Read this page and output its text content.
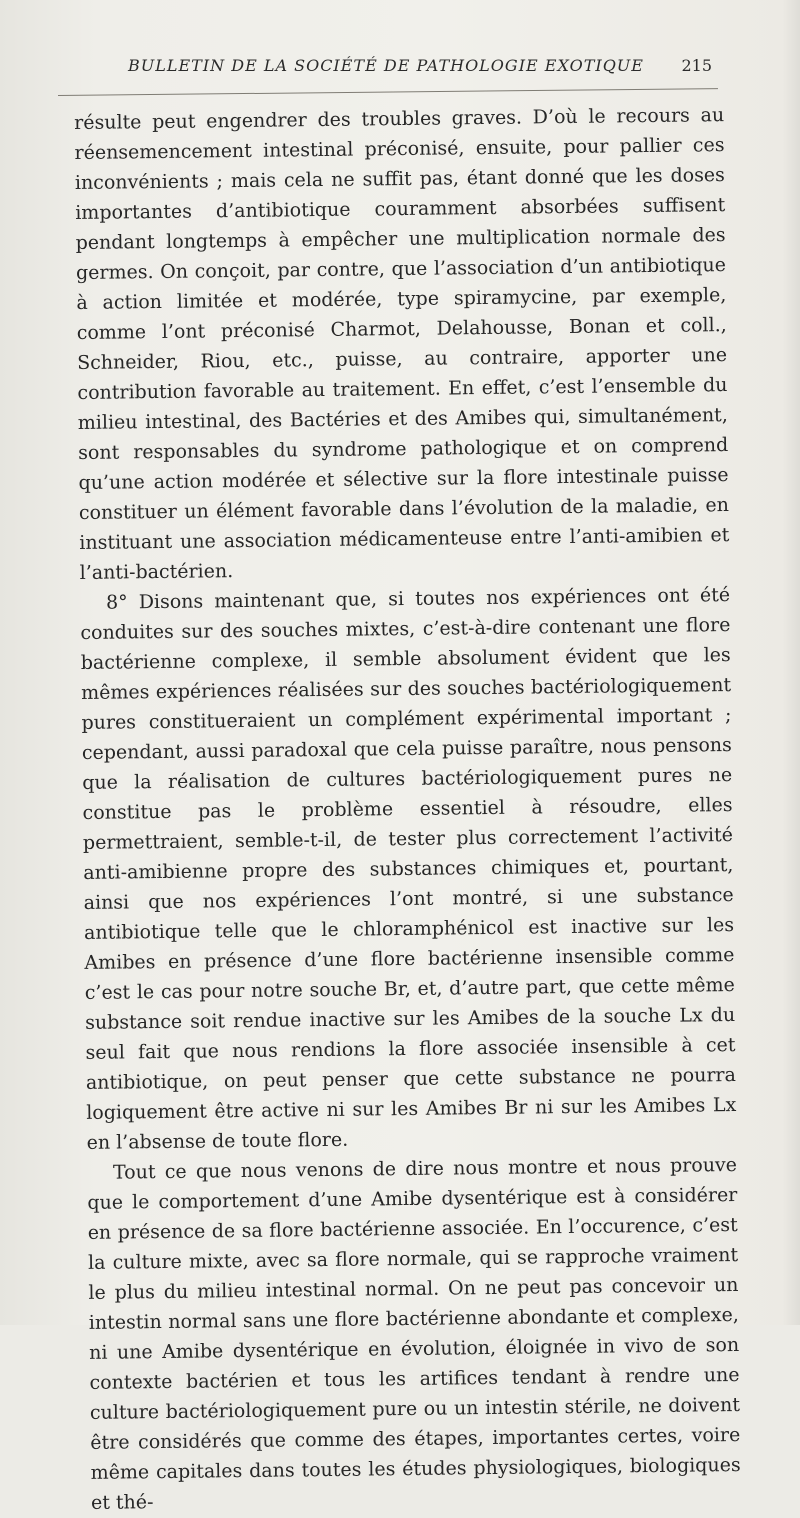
BULLETIN DE LA SOCIÉTÉ DE PATHOLOGIE EXOTIQUE 215

résulte peut engendrer des troubles graves. D’où le recours au réensemencement intestinal préconisé, ensuite, pour pallier ces inconvénients ; mais cela ne suffit pas, étant donné que les doses importantes d’antibiotique couramment absorbées suffisent pendant longtemps à empêcher une multiplication normale des germes. On conçoit, par contre, que l’association d’un antibiotique à action limitée et modérée, type spiramycine, par exemple, comme l’ont préconisé Charmot, Delahousse, Bonan et coll., Schneider, Riou, etc., puisse, au contraire, apporter une contribution favorable au traitement. En effet, c’est l’ensemble du milieu intestinal, des Bactéries et des Amibes qui, simultanément, sont responsables du syndrome pathologique et on comprend qu’une action modérée et sélective sur la flore intestinale puisse constituer un élément favorable dans l’évolution de la maladie, en instituant une association médicamenteuse entre l’anti-amibien et l’anti-bactérien.

8° Disons maintenant que, si toutes nos expériences ont été conduites sur des souches mixtes, c’est-à-dire contenant une flore bactérienne complexe, il semble absolument évident que les mêmes expériences réalisées sur des souches bactériologiquement pures constitueraient un complément expérimental important ; cependant, aussi paradoxal que cela puisse paraître, nous pensons que la réalisation de cultures bactériologiquement pures ne constitue pas le problème essentiel à résoudre, elles permettraient, semble-t-il, de tester plus correctement l’activité anti-amibienne propre des substances chimiques et, pourtant, ainsi que nos expériences l’ont montré, si une substance antibiotique telle que le chloramphénicol est inactive sur les Amibes en présence d’une flore bactérienne insensible comme c’est le cas pour notre souche Br, et, d’autre part, que cette même substance soit rendue inactive sur les Amibes de la souche Lx du seul fait que nous rendions la flore associée insensible à cet antibiotique, on peut penser que cette substance ne pourra logiquement être active ni sur les Amibes Br ni sur les Amibes Lx en l’absense de toute flore.

Tout ce que nous venons de dire nous montre et nous prouve que le comportement d’une Amibe dysentérique est à considérer en présence de sa flore bactérienne associée. En l’occurence, c’est la culture mixte, avec sa flore normale, qui se rapproche vraiment le plus du milieu intestinal normal. On ne peut pas concevoir un intestin normal sans une flore bactérienne abondante et complexe, ni une Amibe dysentérique en évolution, éloignée in vivo de son contexte bactérien et tous les artifices tendant à rendre une culture bactériologiquement pure ou un intestin stérile, ne doivent être considérés que comme des étapes, importantes certes, voire même capitales dans toutes les études physiologiques, biologiques et thé-
